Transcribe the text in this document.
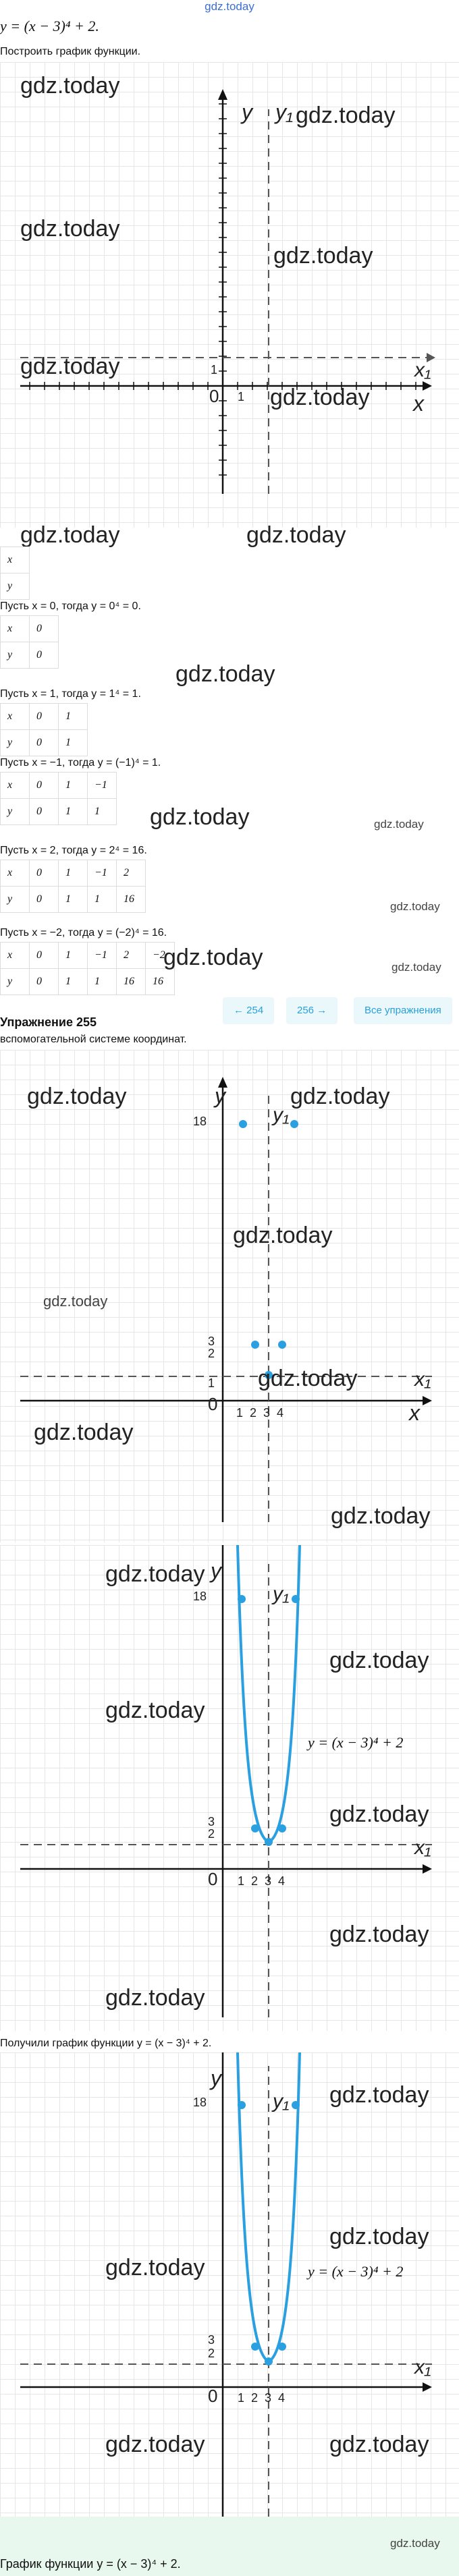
gdz.today
y = (x − 3)⁴ + 2.
Построить график функции.
y y₁
x
x₁
0 1
1
gdz.today
gdz.today
gdz.today
gdz.today
gdz.today
gdz.today
gdz.today	gdz.today
x
y
gdz.today
Пусть x = 0, тогда y = 0⁴ = 0.
x	0
y	0
Пусть x = 1, тогда y = 1⁴ = 1.
x	0	1
y	0	1
Пусть x = −1, тогда y = (−1)⁴ = 1.
x	0	1	−1
y	0	1	1
Пусть x = 2, тогда y = 2⁴ = 16.
x	0	1	−1	2
y	0	1	1	16
Пусть x = −2, тогда y = (−2)⁴ = 16.
x	0	1	−1	2	−2
y	0	1	1	16	16
gdz.today	gdz.today
gdz.today
gdz.today	gdz.today
← 254	256 →	Все упражнения
Упражнение 255
вспомогательной системе координат.
y
y₁
x
x₁
18
3
2
1
1 2 3 4
0
gdz.today	gdz.today
gdz.today
gdz.today
gdz.today
gdz.today
gdz.today
y
y₁
x₁
y = (x − 3)⁴ + 2
18
3
2
1 2 3 4
0
gdz.today
gdz.today
gdz.today
gdz.today
gdz.today
gdz.today
Получили график функции y = (x − 3)⁴ + 2.
y
y₁
x₁
y = (x − 3)⁴ + 2
18
3
2
1 2 3 4
0
gdz.today
gdz.today
gdz.today
gdz.today	gdz.today
gdz.today
График функции y = (x − 3)⁴ + 2.
